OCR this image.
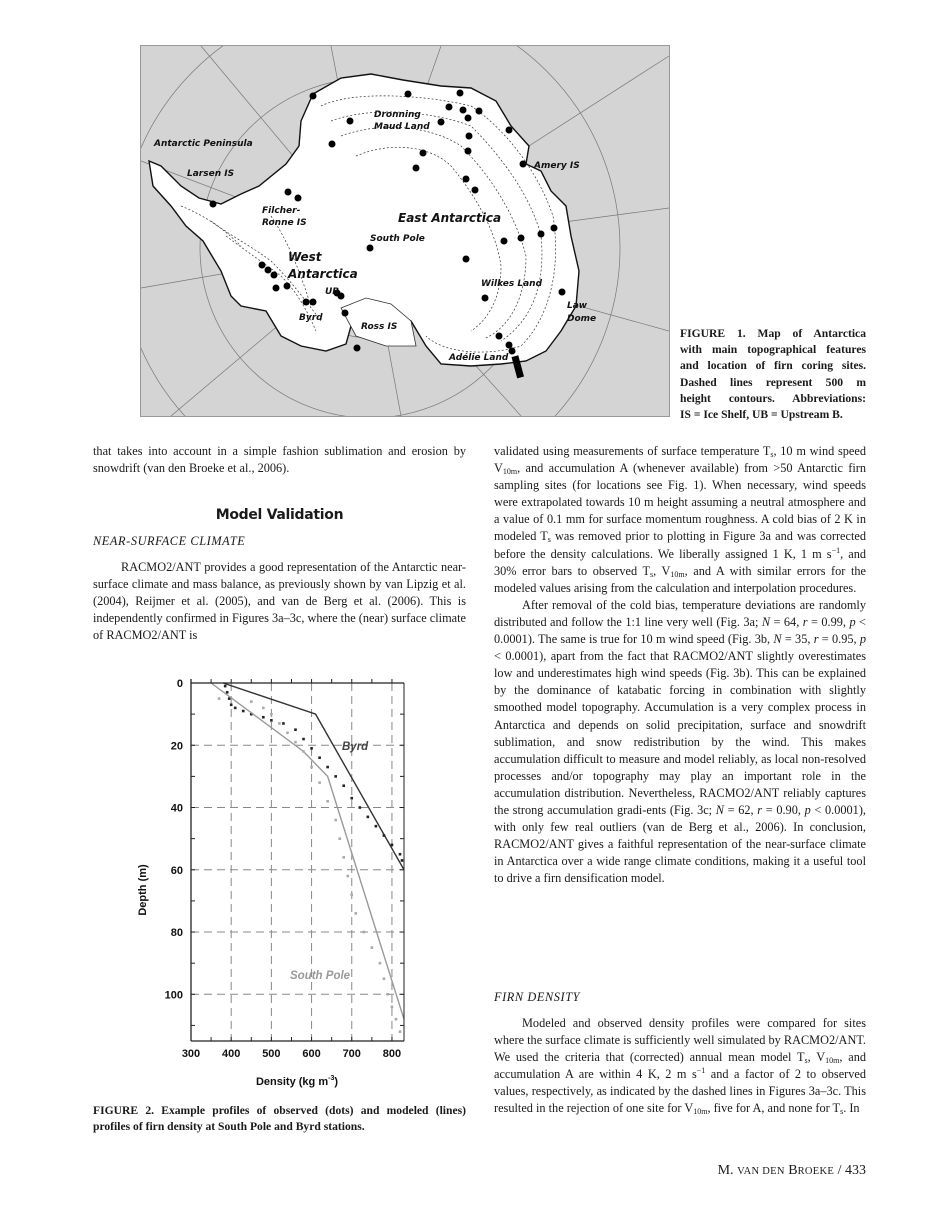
Antarctic Peninsula
Larsen IS
Filcher-
Ronne IS
Dronning
Maud Land
Amery IS
East Antarctica
South Pole
West
Antarctica
UB
Byrd
Ross IS
Wilkes Land
Law
Dome
Adélie Land
FIGURE 1. Map of Antarctica
with main topographical features
and location of firn coring sites.
Dashed lines represent 500 m
height contours. Abbreviations:
IS = Ice Shelf, UB = Upstream B.

that takes into account in a simple fashion sublimation and erosion by snowdrift (van den Broeke et al., 2006).

Model Validation
NEAR-SURFACE CLIMATE

RACMO2/ANT provides a good representation of the Antarctic near-surface climate and mass balance, as previously shown by van Lipzig et al. (2004), Reijmer et al. (2005), and van de Berg et al. (2006). This is independently confirmed in Figures 3a–3c, where the (near) surface climate of RACMO2/ANT is

0
20
40
60
80
100
300 400 500 600 700 800
Byrd
South Pole
Depth (m)
Density (kg $m^{-3}$)
FIGURE 2. Example profiles of observed (dots) and modeled (lines) profiles of firn density at South Pole and Byrd stations.

validated using measurements of surface temperature $T_s$, 10 m wind speed $V_{10m}$, and accumulation A (whenever available) from >50 Antarctic firn sampling sites (for locations see Fig. 1). When necessary, wind speeds were extrapolated towards 10 m height assuming a neutral atmosphere and a value of 0.1 mm for surface momentum roughness. A cold bias of 2 K in modeled $T_s$ was removed prior to plotting in Figure 3a and was corrected before the density calculations. We liberally assigned 1 K, 1 m $s^{-1}$, and 30% error bars to observed $T_s$, $V_{10m}$, and A with similar errors for the modeled values arising from the calculation and interpolation procedures.

After removal of the cold bias, temperature deviations are randomly distributed and follow the 1:1 line very well (Fig. 3a; N = 64, r = 0.99, p < 0.0001). The same is true for 10 m wind speed (Fig. 3b, N = 35, r = 0.95, p < 0.0001), apart from the fact that RACMO2/ANT slightly overestimates low and underestimates high wind speeds (Fig. 3b). This can be explained by the dominance of katabatic forcing in combination with slightly smoothed model topography. Accumulation is a very complex process in Antarctica and depends on solid precipitation, surface and snowdrift sublimation, and snow redistribution by the wind. This makes accumulation difficult to measure and model reliably, as local non-resolved processes and/or topography may play an important role in the accumulation distribution. Nevertheless, RACMO2/ANT reliably captures the strong accumulation gradi-ents (Fig. 3c; N = 62, r = 0.90, p < 0.0001), with only few real outliers (van de Berg et al., 2006). In conclusion, RACMO2/ANT gives a faithful representation of the near-surface climate in Antarctica over a wide range climate conditions, making it a useful tool to drive a firn densification model.

FIRN DENSITY

Modeled and observed density profiles were compared for sites where the surface climate is sufficiently well simulated by RACMO2/ANT. We used the criteria that (corrected) annual mean model $T_s$, $V_{10m}$, and accumulation A are within 4 K, 2 m $s^{-1}$ and a factor of 2 to observed values, respectively, as indicated by the dashed lines in Figures 3a–3c. This resulted in the rejection of one site for $V_{10m}$, five for A, and none for $T_s$. In

M. VAN DEN BROEKE / 433
